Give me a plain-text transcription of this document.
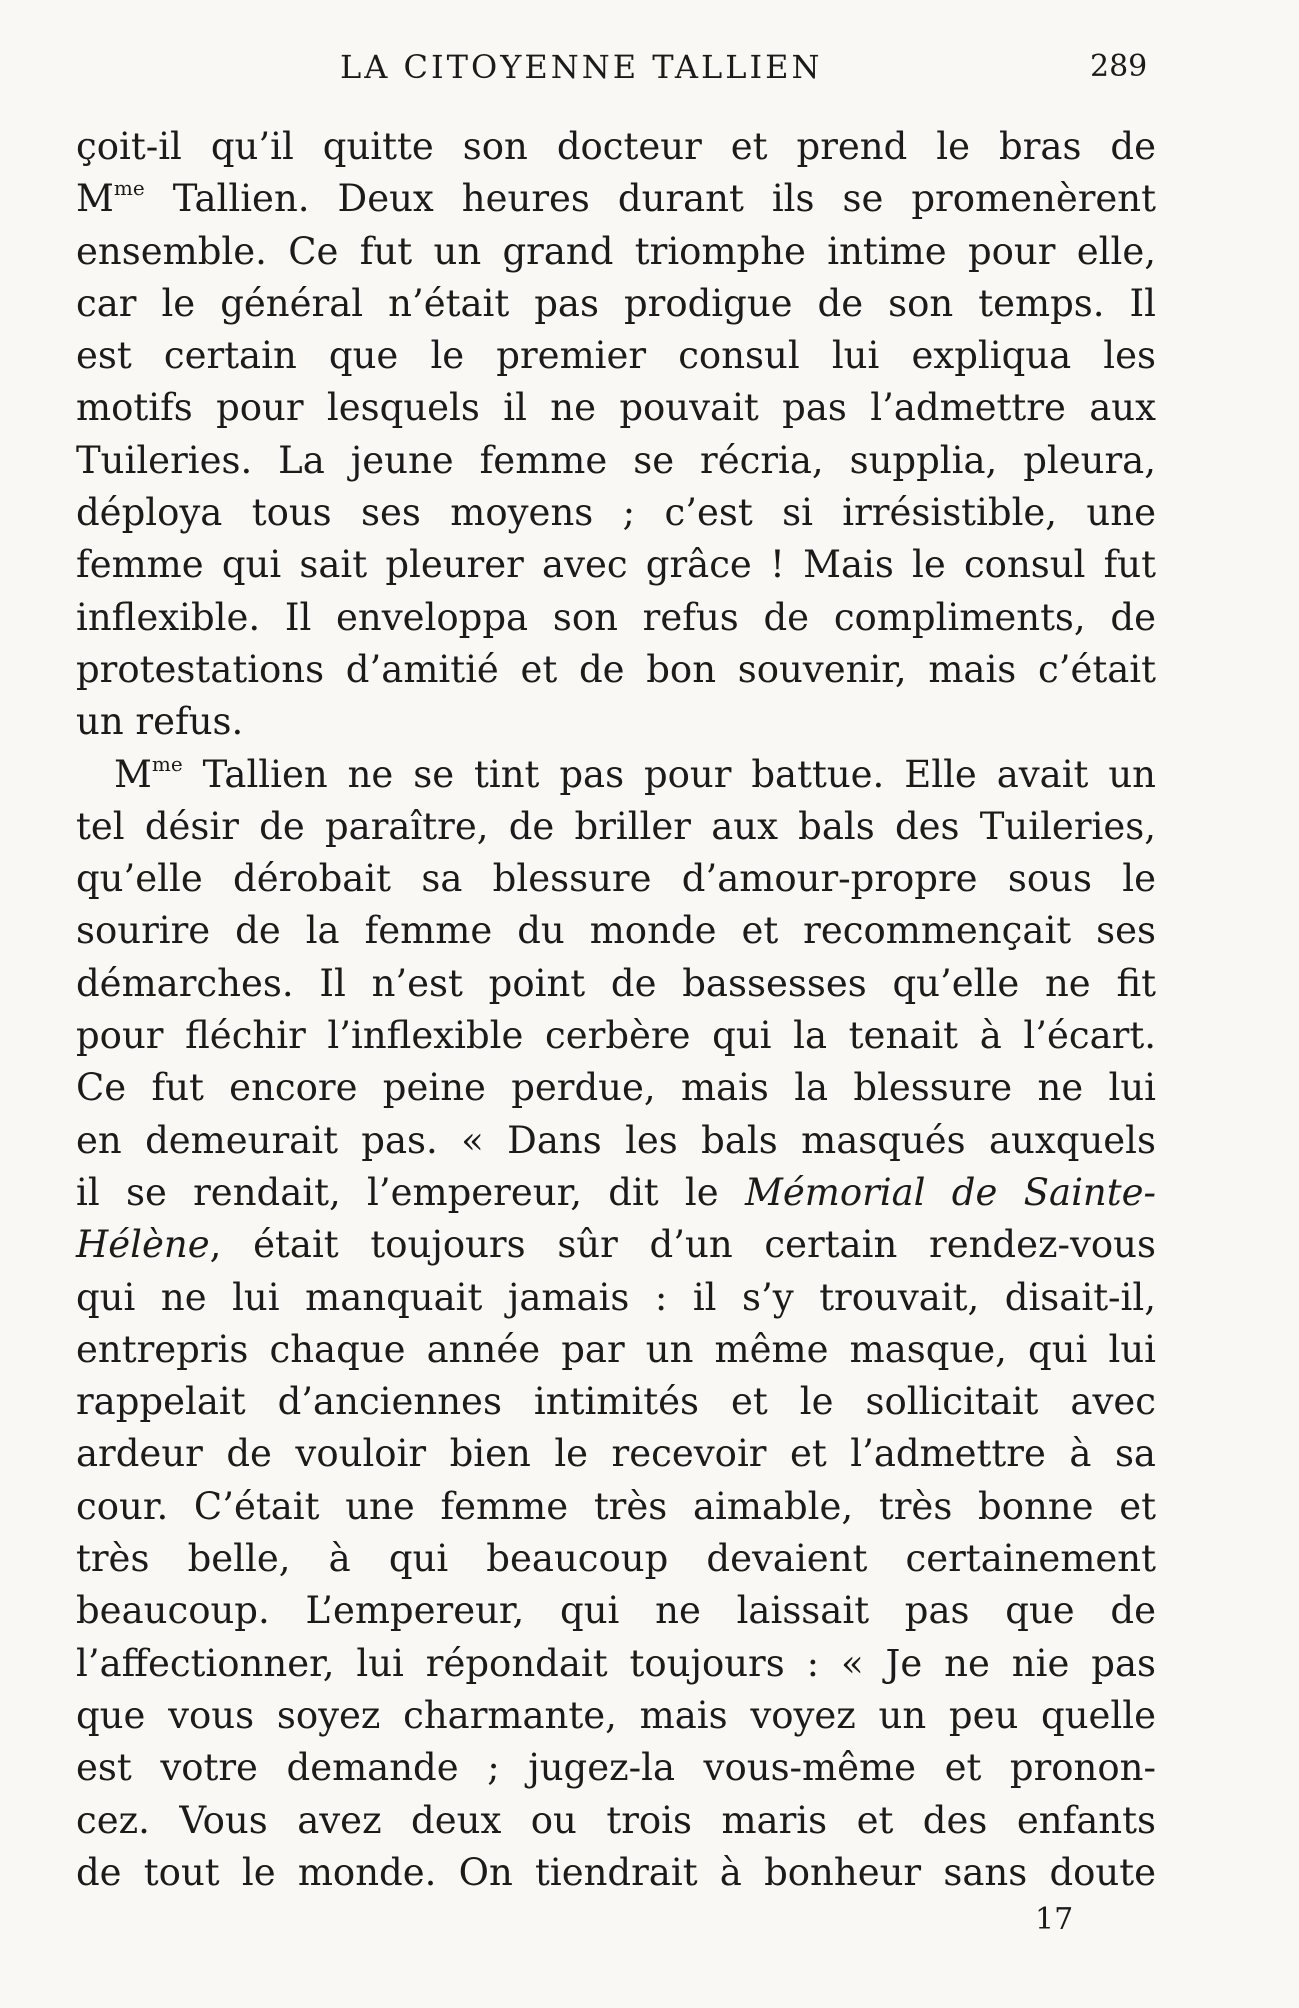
LA CITOYENNE TALLIEN	289
çoit-il qu’il quitte son docteur et prend le bras de
$M^{me}$ Tallien. Deux heures durant ils se promenèrent
ensemble. Ce fut un grand triomphe intime pour elle,
car le général n’était pas prodigue de son temps. Il
est certain que le premier consul lui expliqua les
motifs pour lesquels il ne pouvait pas l’admettre aux
Tuileries. La jeune femme se récria, supplia, pleura,
déploya tous ses moyens ; c’est si irrésistible, une
femme qui sait pleurer avec grâce ! Mais le consul fut
inflexible. Il enveloppa son refus de compliments, de
protestations d’amitié et de bon souvenir, mais c’était
un refus.
$M^{me}$ Tallien ne se tint pas pour battue. Elle avait un
tel désir de paraître, de briller aux bals des Tuileries,
qu’elle dérobait sa blessure d’amour-propre sous le
sourire de la femme du monde et recommençait ses
démarches. Il n’est point de bassesses qu’elle ne fit
pour fléchir l’inflexible cerbère qui la tenait à l’écart.
Ce fut encore peine perdue, mais la blessure ne lui
en demeurait pas. « Dans les bals masqués auxquels
il se rendait, l’empereur, dit le Mémorial de Sainte-
Hélène, était toujours sûr d’un certain rendez-vous
qui ne lui manquait jamais : il s’y trouvait, disait-il,
entrepris chaque année par un même masque, qui lui
rappelait d’anciennes intimités et le sollicitait avec
ardeur de vouloir bien le recevoir et l’admettre à sa
cour. C’était une femme très aimable, très bonne et
très belle, à qui beaucoup devaient certainement
beaucoup. L’empereur, qui ne laissait pas que de
l’affectionner, lui répondait toujours : « Je ne nie pas
que vous soyez charmante, mais voyez un peu quelle
est votre demande ; jugez-la vous-même et pronon-
cez. Vous avez deux ou trois maris et des enfants
de tout le monde. On tiendrait à bonheur sans doute
17
